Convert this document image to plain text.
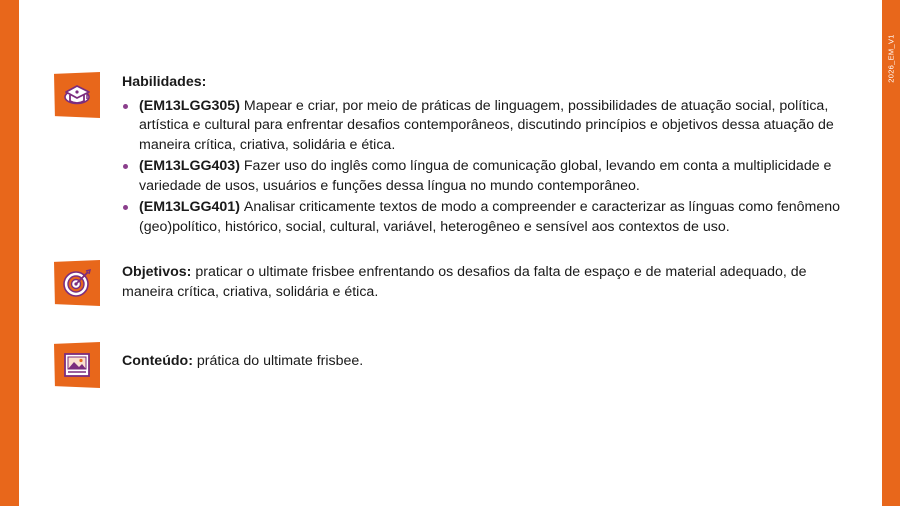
2026_EM_V1
Habilidades:
(EM13LGG305) Mapear e criar, por meio de práticas de linguagem, possibilidades de atuação social, política, artística e cultural para enfrentar desafios contemporâneos, discutindo princípios e objetivos dessa atuação de maneira crítica, criativa, solidária e ética.
(EM13LGG403) Fazer uso do inglês como língua de comunicação global, levando em conta a multiplicidade e variedade de usos, usuários e funções dessa língua no mundo contemporâneo.
(EM13LGG401) Analisar criticamente textos de modo a compreender e caracterizar as línguas como fenômeno (geo)político, histórico, social, cultural, variável, heterogêneo e sensível aos contextos de uso.
Objetivos: praticar o ultimate frisbee enfrentando os desafios da falta de espaço e de material adequado, de maneira crítica, criativa, solidária e ética.
Conteúdo: prática do ultimate frisbee.
